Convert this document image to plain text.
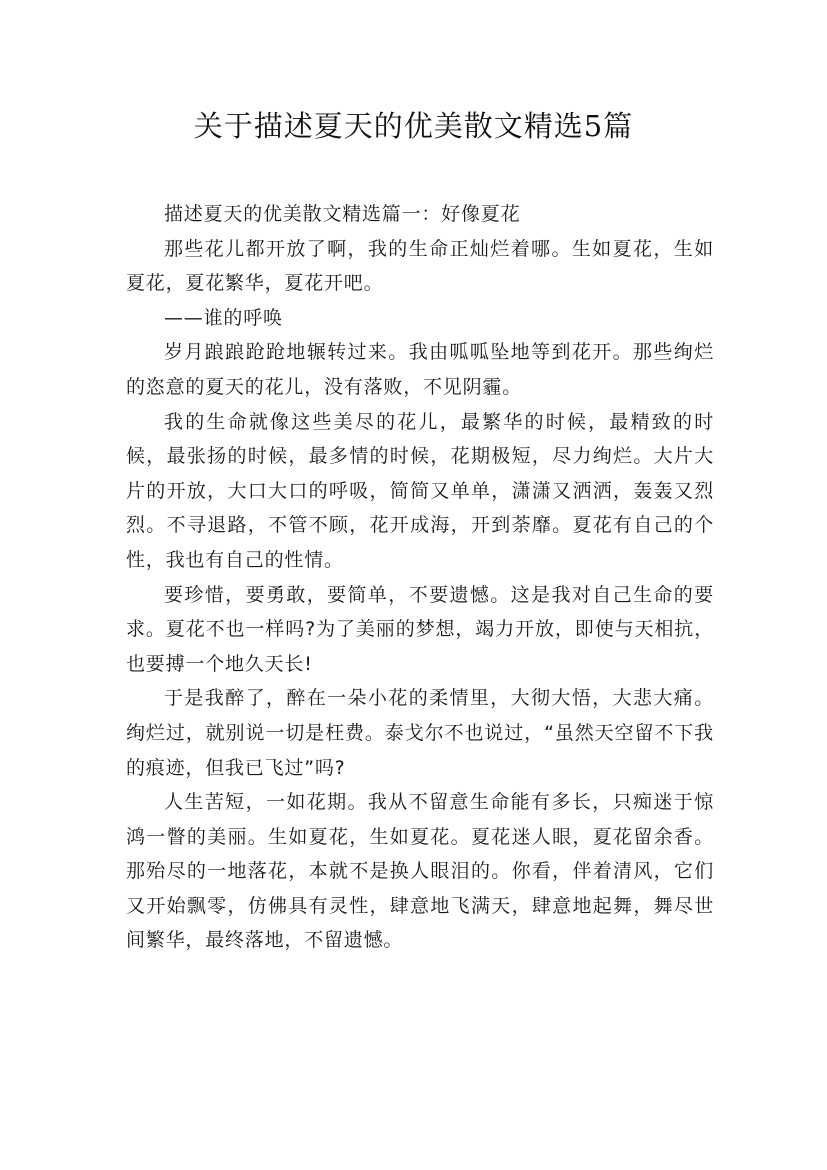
关于描述夏天的优美散文精选5篇

描述夏天的优美散文精选篇一：好像夏花

那些花儿都开放了啊，我的生命正灿烂着哪。生如夏花，生如夏花，夏花繁华，夏花开吧。

——谁的呼唤

岁月踉踉跄跄地辗转过来。我由呱呱坠地等到花开。那些绚烂的恣意的夏天的花儿，没有落败，不见阴霾。

我的生命就像这些美尽的花儿，最繁华的时候，最精致的时候，最张扬的时候，最多情的时候，花期极短，尽力绚烂。大片大片的开放，大口大口的呼吸，简简又单单，潇潇又洒洒，轰轰又烈烈。不寻退路，不管不顾，花开成海，开到荼靡。夏花有自己的个性，我也有自己的性情。

要珍惜，要勇敢，要简单，不要遗憾。这是我对自己生命的要求。夏花不也一样吗?为了美丽的梦想，竭力开放，即使与天相抗，也要搏一个地久天长!

于是我醉了，醉在一朵小花的柔情里，大彻大悟，大悲大痛。绚烂过，就别说一切是枉费。泰戈尔不也说过，“虽然天空留不下我的痕迹，但我已飞过”吗?

人生苦短，一如花期。我从不留意生命能有多长，只痴迷于惊鸿一瞥的美丽。生如夏花，生如夏花。夏花迷人眼，夏花留余香。那殆尽的一地落花，本就不是换人眼泪的。你看，伴着清风，它们又开始飘零，仿佛具有灵性，肆意地飞满天，肆意地起舞，舞尽世间繁华，最终落地，不留遗憾。
